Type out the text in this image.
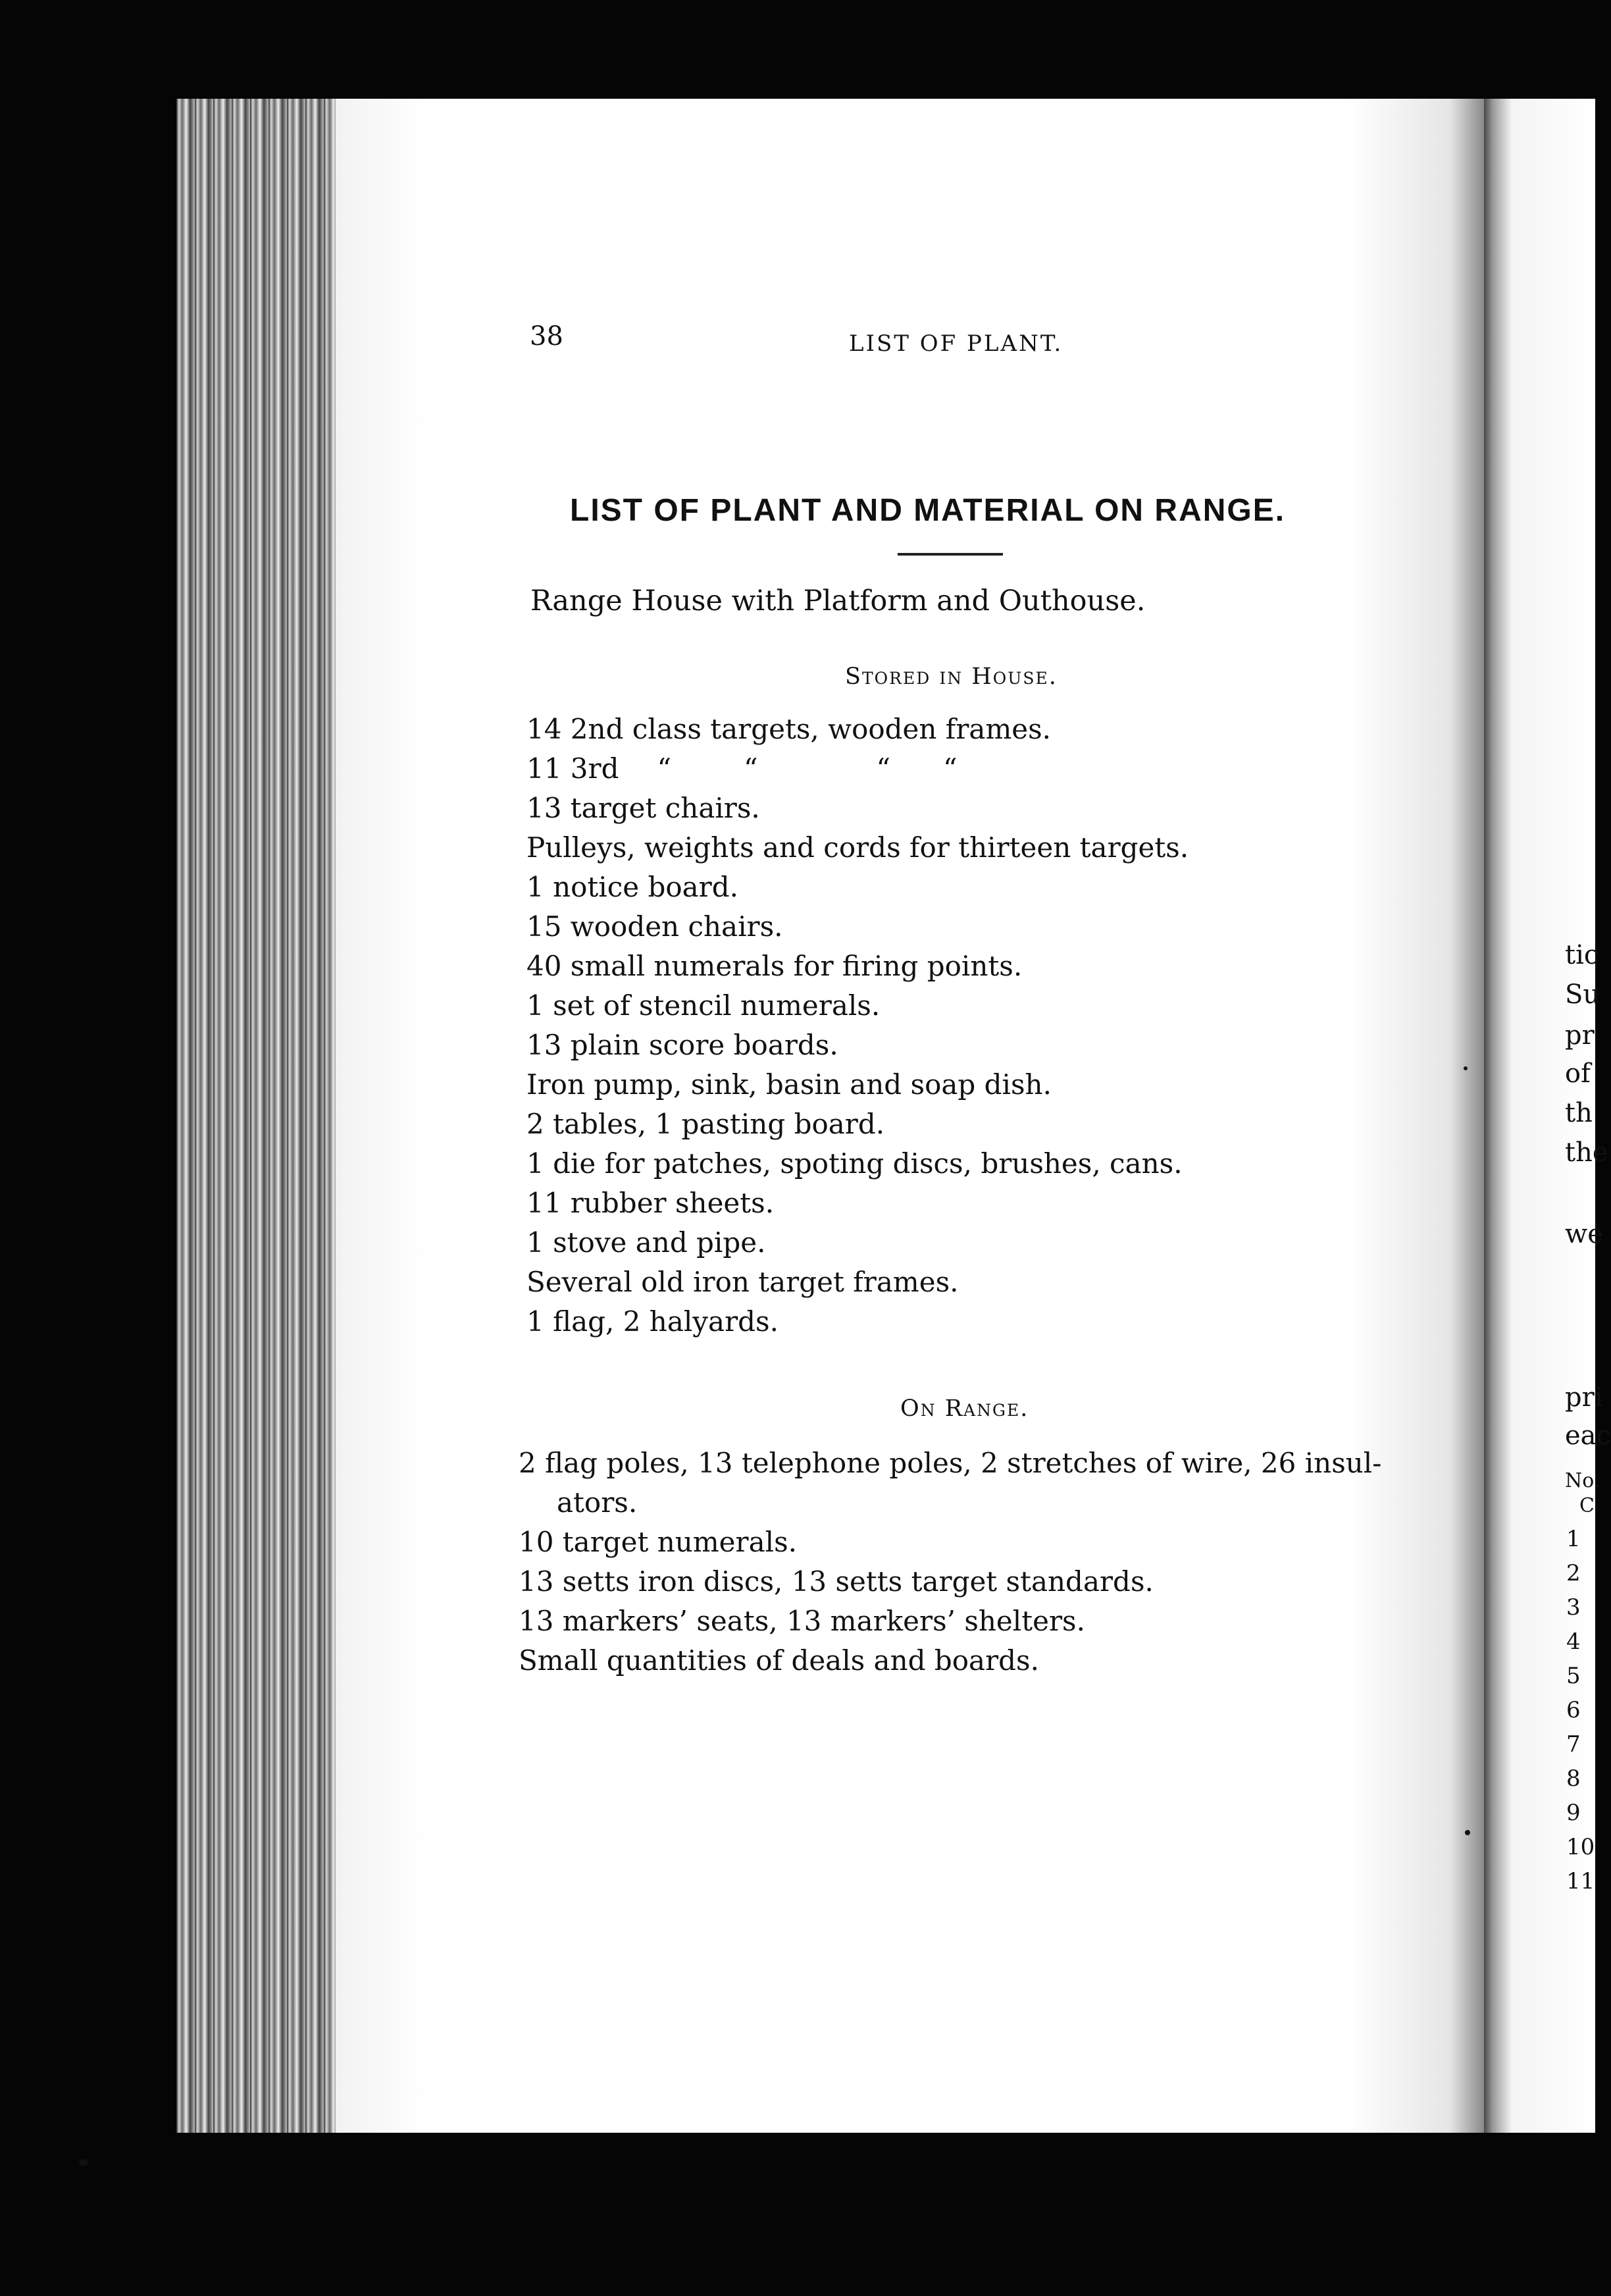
38	LIST OF PLANT.
LIST OF PLANT AND MATERIAL ON RANGE.
Range House with Platform and Outhouse.
Stored in House.
14 2nd class targets, wooden frames.
11 3rd “	“	“ “
13 target chairs.
Pulleys, weights and cords for thirteen targets.
1 notice board.
15 wooden chairs.
40 small numerals for firing points.
1 set of stencil numerals.
13 plain score boards.
Iron pump, sink, basin and soap dish.
2 tables, 1 pasting board.
1 die for patches, spoting discs, brushes, cans.
11 rubber sheets.
1 stove and pipe.
Several old iron target frames.
1 flag, 2 halyards.
On Range.
2 flag poles, 13 telephone poles, 2 stretches of wire, 26 insul-
ators.
10 target numerals.
13 setts iron discs, 13 setts target standards.
13 markers’ seats, 13 markers’ shelters.
Small quantities of deals and boards.
tic
Su
pr
of
th
the
we
pri
eac
No.
C
1
2
3
4
5
6
7
8
9
10
11
